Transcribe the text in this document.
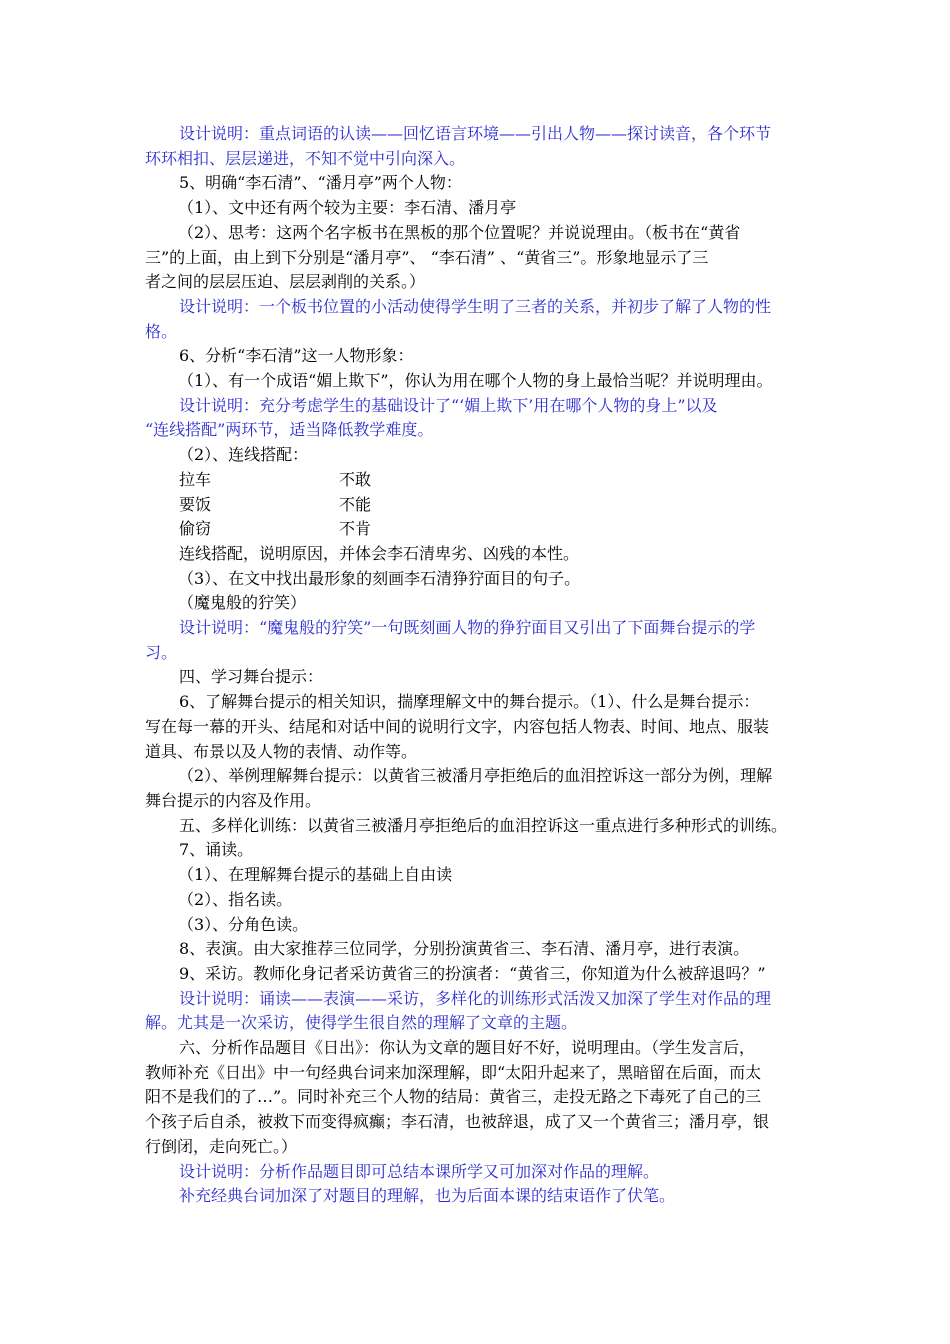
设计说明：重点词语的认读——回忆语言环境——引出人物——探讨读音，各个环节

环环相扣、层层递进，不知不觉中引向深入。

5、明确“李石清”、“潘月亭”两个人物：

（1）、文中还有两个较为主要：李石清、潘月亭

（2）、思考：这两个名字板书在黑板的那个位置呢？并说说理由。（板书在“黄省

三”的上面，由上到下分别是“潘月亭”、 “李石清” 、“黄省三”。形象地显示了三

者之间的层层压迫、层层剥削的关系。）

设计说明：一个板书位置的小活动使得学生明了三者的关系，并初步了解了人物的性

格。

6、分析“李石清”这一人物形象：

（1）、有一个成语“媚上欺下”，你认为用在哪个人物的身上最恰当呢？并说明理由。

设计说明：充分考虑学生的基础设计了“‘媚上欺下’用在哪个人物的身上”以及

“连线搭配”两环节，适当降低教学难度。

（2）、连线搭配：

拉车	不敢
要饭	不能
偷窃	不肯

连线搭配，说明原因，并体会李石清卑劣、凶残的本性。

（3）、在文中找出最形象的刻画李石清狰狞面目的句子。

（魔鬼般的狞笑）

设计说明：“魔鬼般的狞笑”一句既刻画人物的狰狞面目又引出了下面舞台提示的学

习。

四、学习舞台提示：

6、了解舞台提示的相关知识，揣摩理解文中的舞台提示。（1）、什么是舞台提示：

写在每一幕的开头、结尾和对话中间的说明行文字，内容包括人物表、时间、地点、服装

道具、布景以及人物的表情、动作等。

（2）、举例理解舞台提示：以黄省三被潘月亭拒绝后的血泪控诉这一部分为例，理解

舞台提示的内容及作用。

五、多样化训练：以黄省三被潘月亭拒绝后的血泪控诉这一重点进行多种形式的训练。

7、诵读。

（1）、在理解舞台提示的基础上自由读

（2）、指名读。

（3）、分角色读。

8、表演。由大家推荐三位同学，分别扮演黄省三、李石清、潘月亭，进行表演。

9、采访。教师化身记者采访黄省三的扮演者：“黄省三，你知道为什么被辞退吗？”

设计说明：诵读——表演——采访，多样化的训练形式活泼又加深了学生对作品的理

解。尤其是一次采访，使得学生很自然的理解了文章的主题。

六、分析作品题目《日出》：你认为文章的题目好不好，说明理由。（学生发言后，

教师补充《日出》中一句经典台词来加深理解，即“太阳升起来了，黑暗留在后面，而太

阳不是我们的了…”。同时补充三个人物的结局：黄省三，走投无路之下毒死了自己的三

个孩子后自杀，被救下而变得疯癫；李石清，也被辞退，成了又一个黄省三；潘月亭，银

行倒闭，走向死亡。）

设计说明：分析作品题目即可总结本课所学又可加深对作品的理解。

补充经典台词加深了对题目的理解，也为后面本课的结束语作了伏笔。
